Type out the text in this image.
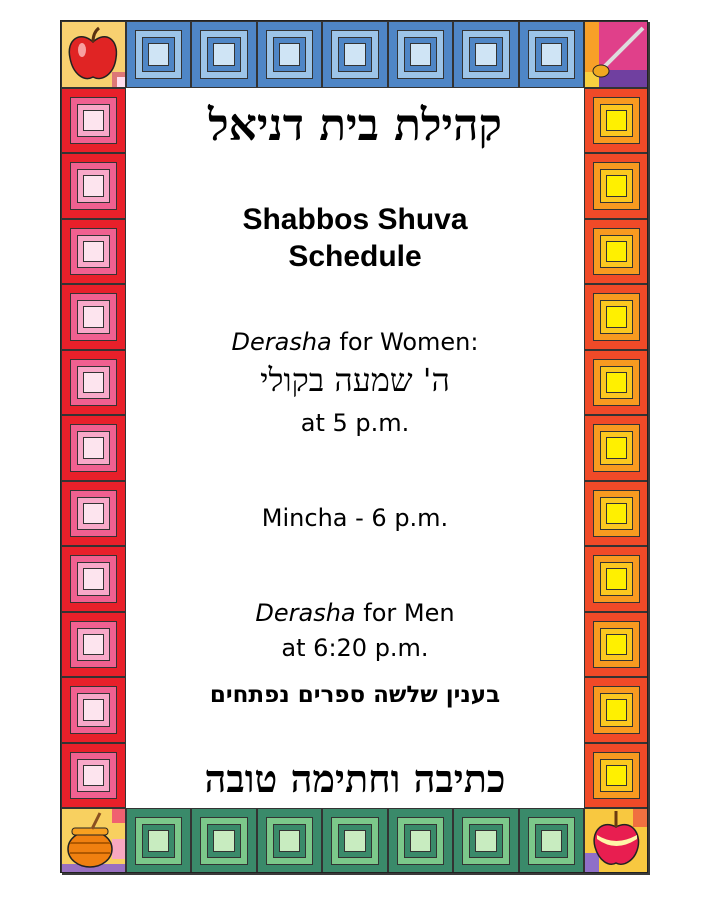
קהילת בית דניאל
Shabbos Shuva
Schedule
Derasha for Women:
ה' שמעה בקולי
at 5 p.m.
Mincha - 6 p.m.
Derasha for Men
at 6:20 p.m.
בענין שלשה ספרים נפתחים
כתיבה וחתימה טובה
